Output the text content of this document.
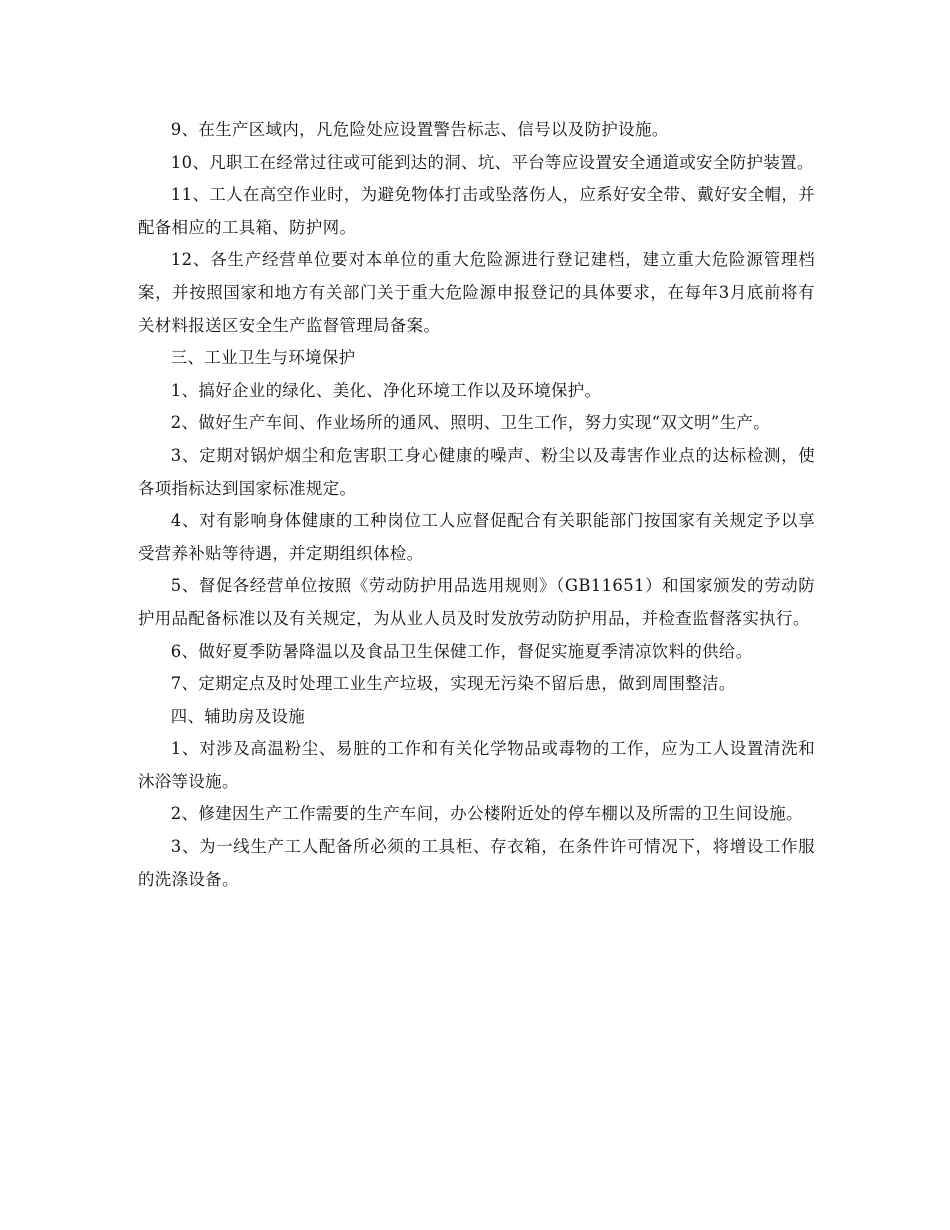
9、在生产区域内，凡危险处应设置警告标志、信号以及防护设施。

10、凡职工在经常过往或可能到达的洞、坑、平台等应设置安全通道或安全防护装置。

11、工人在高空作业时，为避免物体打击或坠落伤人，应系好安全带、戴好安全帽，并配备相应的工具箱、防护网。

12、各生产经营单位要对本单位的重大危险源进行登记建档，建立重大危险源管理档案，并按照国家和地方有关部门关于重大危险源申报登记的具体要求，在每年3月底前将有关材料报送区安全生产监督管理局备案。

三、工业卫生与环境保护

1、搞好企业的绿化、美化、净化环境工作以及环境保护。

2、做好生产车间、作业场所的通风、照明、卫生工作，努力实现“双文明”生产。

3、定期对锅炉烟尘和危害职工身心健康的噪声、粉尘以及毒害作业点的达标检测，使各项指标达到国家标准规定。

4、对有影响身体健康的工种岗位工人应督促配合有关职能部门按国家有关规定予以享受营养补贴等待遇，并定期组织体检。

5、督促各经营单位按照《劳动防护用品选用规则》（GB11651）和国家颁发的劳动防护用品配备标准以及有关规定，为从业人员及时发放劳动防护用品，并检查监督落实执行。

6、做好夏季防暑降温以及食品卫生保健工作，督促实施夏季清凉饮料的供给。

7、定期定点及时处理工业生产垃圾，实现无污染不留后患，做到周围整洁。

四、辅助房及设施

1、对涉及高温粉尘、易脏的工作和有关化学物品或毒物的工作，应为工人设置清洗和沐浴等设施。

2、修建因生产工作需要的生产车间，办公楼附近处的停车棚以及所需的卫生间设施。

3、为一线生产工人配备所必须的工具柜、存衣箱，在条件许可情况下，将增设工作服的洗涤设备。
